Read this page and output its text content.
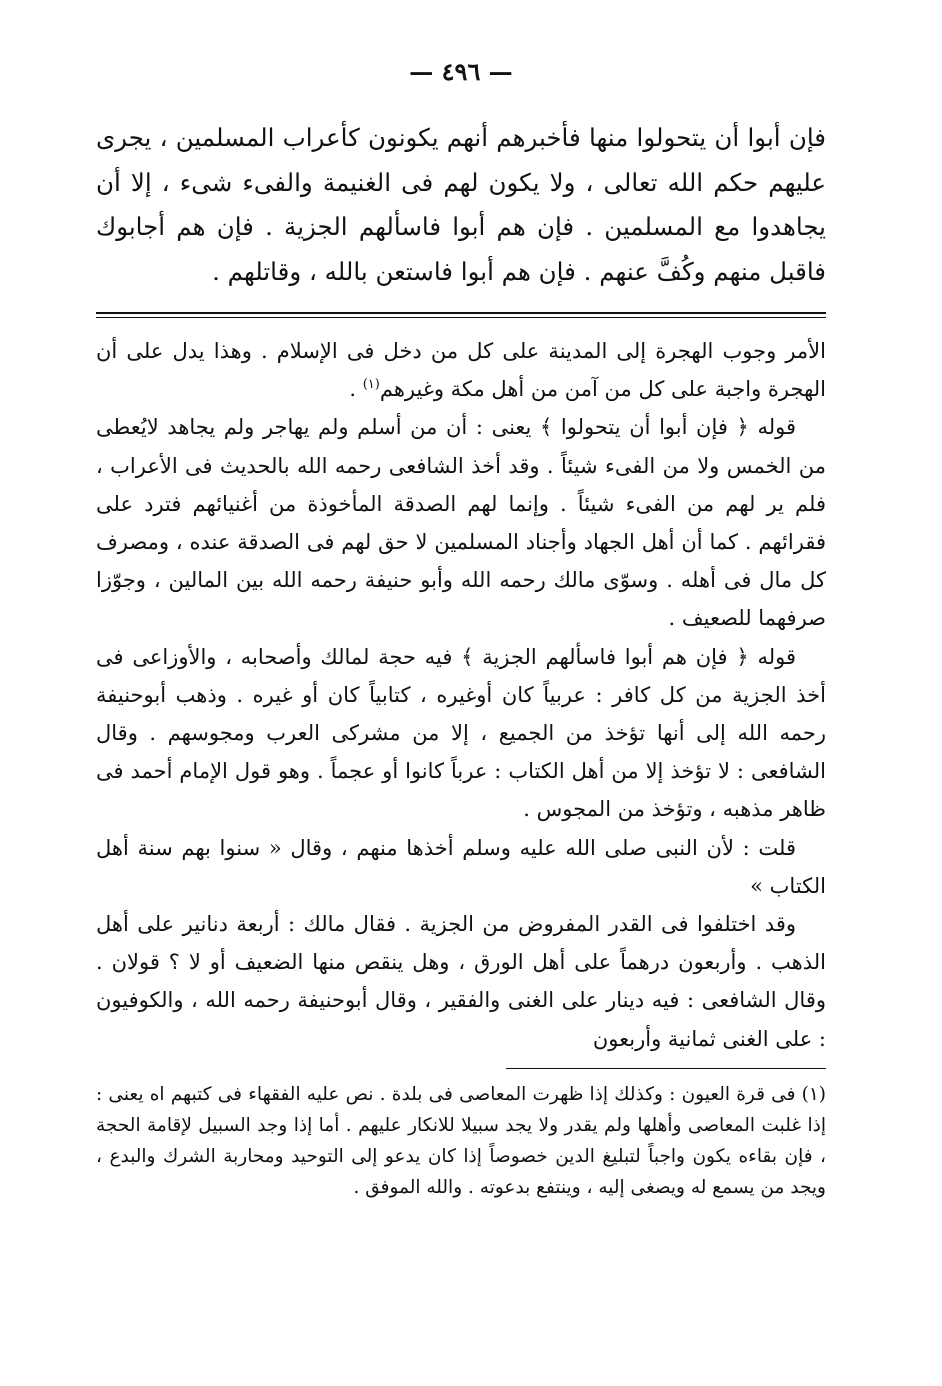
— ٤٩٦ —

فإن أبوا أن يتحولوا منها فأخبرهم أنهم يكونون كأعراب المسلمين ، يجرى عليهم حكم الله تعالى ، ولا يكون لهم فى الغنيمة والفىء شىء ، إلا أن يجاهدوا مع المسلمين . فإن هم أبوا فاسألهم الجزية . فإن هم أجابوك فاقبل منهم وكُفَّ عنهم . فإن هم أبوا فاستعن بالله ، وقاتلهم .

الأمر وجوب الهجرة إلى المدينة على كل من دخل فى الإسلام . وهذا يدل على أن الهجرة واجبة على كل من آمن من أهل مكة وغيرهم$^{(١)}$ .

قوله ﴿ فإن أبوا أن يتحولوا ﴾ يعنى : أن من أسلم ولم يهاجر ولم يجاهد لايُعطى من الخمس ولا من الفىء شيئاً . وقد أخذ الشافعى رحمه الله بالحديث فى الأعراب ، فلم ير لهم من الفىء شيئاً . وإنما لهم الصدقة المأخوذة من أغنيائهم فترد على فقرائهم . كما أن أهل الجهاد وأجناد المسلمين لا حق لهم فى الصدقة عنده ، ومصرف كل مال فى أهله . وسوّى مالك رحمه الله وأبو حنيفة رحمه الله بين المالين ، وجوّزا صرفهما للصعيف .

قوله ﴿ فإن هم أبوا فاسألهم الجزية ﴾ فيه حجة لمالك وأصحابه ، والأوزاعى فى أخذ الجزية من كل كافر : عربياً كان أوغيره ، كتابياً كان أو غيره . وذهب أبوحنيفة رحمه الله إلى أنها تؤخذ من الجميع ، إلا من مشركى العرب ومجوسهم . وقال الشافعى : لا تؤخذ إلا من أهل الكتاب : عرباً كانوا أو عجماً . وهو قول الإمام أحمد فى ظاهر مذهبه ، وتؤخذ من المجوس .

قلت : لأن النبى صلى الله عليه وسلم أخذها منهم ، وقال « سنوا بهم سنة أهل الكتاب »

وقد اختلفوا فى القدر المفروض من الجزية . فقال مالك : أربعة دنانير على أهل الذهب . وأربعون درهماً على أهل الورق ، وهل ينقص منها الضعيف أو لا ؟ قولان . وقال الشافعى : فيه دينار على الغنى والفقير ، وقال أبوحنيفة رحمه الله ، والكوفيون : على الغنى ثمانية وأربعون

(١) فى قرة العيون : وكذلك إذا ظهرت المعاصى فى بلدة . نص عليه الفقهاء فى كتبهم اه يعنى : إذا غلبت المعاصى وأهلها ولم يقدر ولا يجد سبيلا للانكار عليهم . أما إذا وجد السبيل لإقامة الحجة ، فإن بقاءه يكون واجباً لتبليغ الدين خصوصاً إذا كان يدعو إلى التوحيد ومحاربة الشرك والبدع ، ويجد من يسمع له ويصغى إليه ، وينتفع بدعوته . والله الموفق .
